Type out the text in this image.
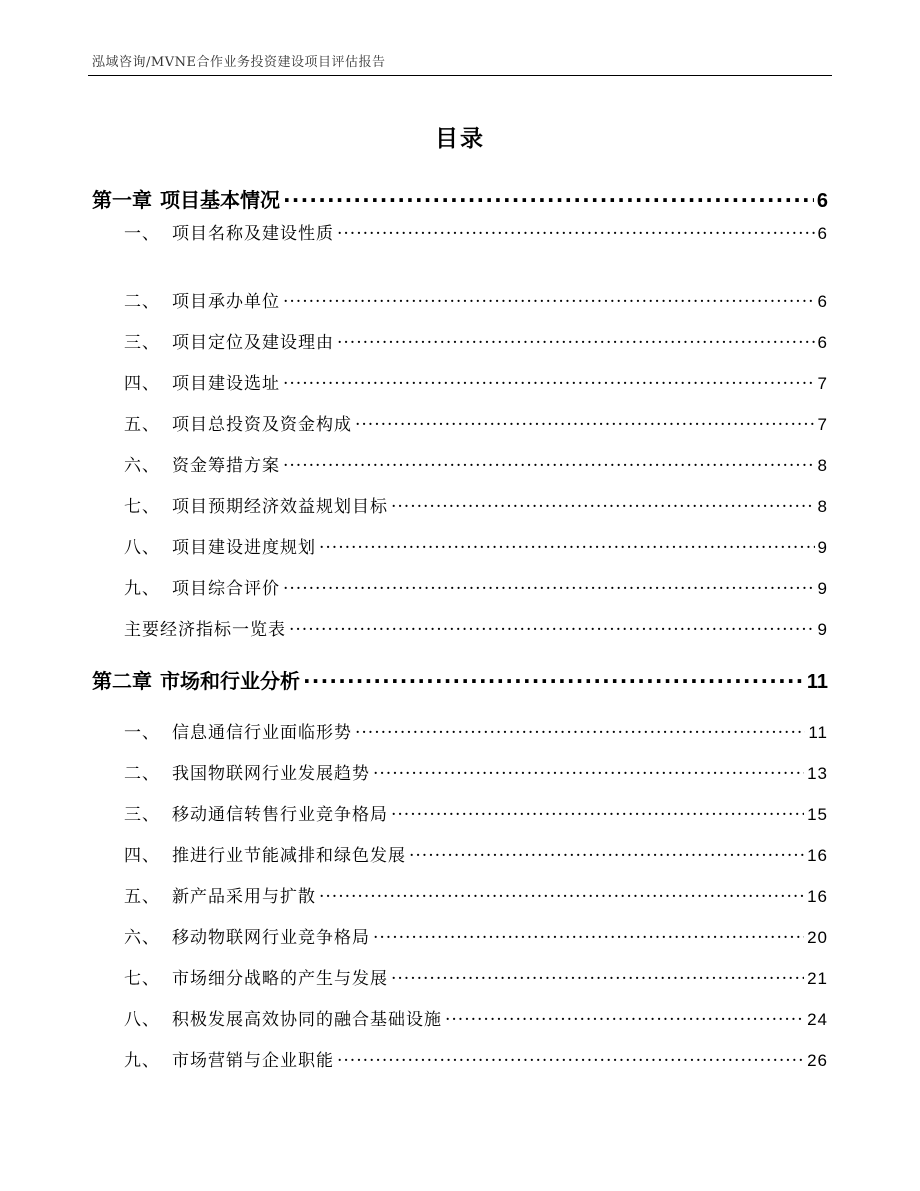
泓域咨询/MVNE合作业务投资建设项目评估报告
目录
第一章 项目基本情况 .....	6
一、 项目名称及建设性质 .....	6
二、 项目承办单位 .....	6
三、 项目定位及建设理由 .....	6
四、 项目建设选址 .....	7
五、 项目总投资及资金构成 .....	7
六、 资金筹措方案 .....	8
七、 项目预期经济效益规划目标 .....	8
八、 项目建设进度规划 .....	9
九、 项目综合评价 .....	9
主要经济指标一览表 .....	9
第二章 市场和行业分析 .....	11
一、 信息通信行业面临形势 .....	11
二、 我国物联网行业发展趋势 .....	13
三、 移动通信转售行业竞争格局 .....	15
四、 推进行业节能减排和绿色发展 .....	16
五、 新产品采用与扩散 .....	16
六、 移动物联网行业竞争格局 .....	20
七、 市场细分战略的产生与发展 .....	21
八、 积极发展高效协同的融合基础设施 .....	24
九、 市场营销与企业职能 .....	26
